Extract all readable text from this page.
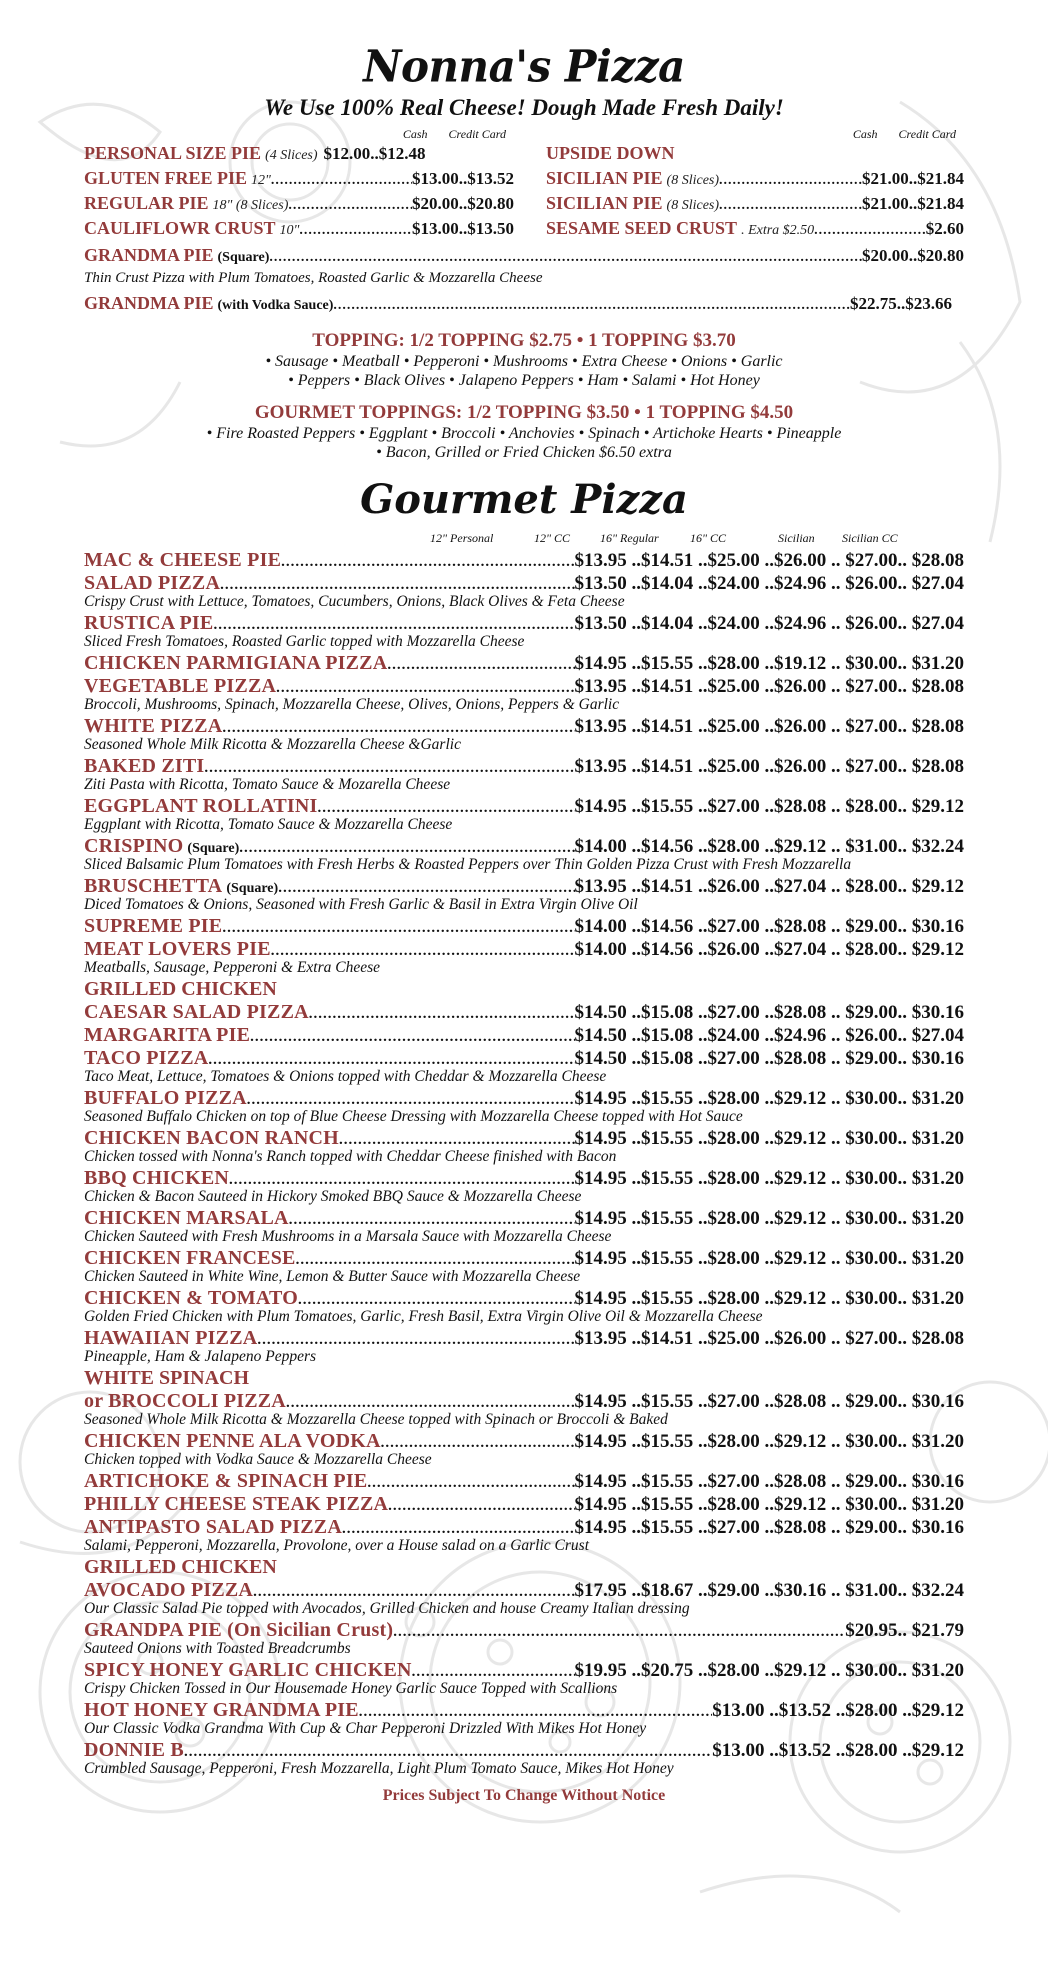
Nonna's Pizza
We Use 100% Real Cheese! Dough Made Fresh Daily!
Cash Credit Card
PERSONAL SIZE PIE (4 Slices) $12.00 .. $12.48
GLUTEN FREE PIE 12" .....	$13.00 .. $13.52
REGULAR PIE 18" (8 Slices) .....	$20.00 .. $20.80
CAULIFLOWR CRUST 10" .....	$13.00 .. $13.50
Cash Credit Card
UPSIDE DOWN
SICILIAN PIE (8 Slices) .....	$21.00 .. $21.84
SICILIAN PIE (8 Slices) .....	$21.00 .. $21.84
SESAME SEED CRUST . Extra $2.50 .....	$2.60
GRANDMA PIE (Square) .....	$20.00 .. $20.80
Thin Crust Pizza with Plum Tomatoes, Roasted Garlic & Mozzarella Cheese
GRANDMA PIE (with Vodka Sauce) .....	$22.75 .. $23.66
TOPPING: 1/2 TOPPING $2.75 • 1 TOPPING $3.70
• Sausage • Meatball • Pepperoni • Mushrooms • Extra Cheese • Onions • Garlic
• Peppers • Black Olives • Jalapeno Peppers • Ham • Salami • Hot Honey
GOURMET TOPPINGS: 1/2 TOPPING $3.50 • 1 TOPPING $4.50
• Fire Roasted Peppers • Eggplant • Broccoli • Anchovies • Spinach • Artichoke Hearts • Pineapple
• Bacon, Grilled or Fried Chicken $6.50 extra
Gourmet Pizza
12" Personal	12" CC 16" Regular	16" CC	Sicilian Sicilian CC
MAC & CHEESE PIE .....	$13.95 ..$14.51 ..$25.00 ..$26.00 .. $27.00.. $28.08
SALAD PIZZA .....	$13.50 ..$14.04 ..$24.00 ..$24.96 .. $26.00.. $27.04
Crispy Crust with Lettuce, Tomatoes, Cucumbers, Onions, Black Olives & Feta Cheese
RUSTICA PIE .....	$13.50 ..$14.04 ..$24.00 ..$24.96 .. $26.00.. $27.04
Sliced Fresh Tomatoes, Roasted Garlic topped with Mozzarella Cheese
CHICKEN PARMIGIANA PIZZA .....	$14.95 ..$15.55 ..$28.00 ..$19.12 .. $30.00.. $31.20
VEGETABLE PIZZA .....	$13.95 ..$14.51 ..$25.00 ..$26.00 .. $27.00.. $28.08
Broccoli, Mushrooms, Spinach, Mozzarella Cheese, Olives, Onions, Peppers & Garlic
WHITE PIZZA .....	$13.95 ..$14.51 ..$25.00 ..$26.00 .. $27.00.. $28.08
Seasoned Whole Milk Ricotta & Mozzarella Cheese &Garlic
BAKED ZITI .....	$13.95 ..$14.51 ..$25.00 ..$26.00 .. $27.00.. $28.08
Ziti Pasta with Ricotta, Tomato Sauce & Mozarella Cheese
EGGPLANT ROLLATINI .....	$14.95 ..$15.55 ..$27.00 ..$28.08 .. $28.00.. $29.12
Eggplant with Ricotta, Tomato Sauce & Mozzarella Cheese
CRISPINO (Square) .....	$14.00 ..$14.56 ..$28.00 ..$29.12 .. $31.00.. $32.24
Sliced Balsamic Plum Tomatoes with Fresh Herbs & Roasted Peppers over Thin Golden Pizza Crust with Fresh Mozzarella
BRUSCHETTA (Square) .....	$13.95 ..$14.51 ..$26.00 ..$27.04 .. $28.00.. $29.12
Diced Tomatoes & Onions, Seasoned with Fresh Garlic & Basil in Extra Virgin Olive Oil
SUPREME PIE .....	$14.00 ..$14.56 ..$27.00 ..$28.08 .. $29.00.. $30.16
MEAT LOVERS PIE .....	$14.00 ..$14.56 ..$26.00 ..$27.04 .. $28.00.. $29.12
Meatballs, Sausage, Pepperoni & Extra Cheese
GRILLED CHICKEN
CAESAR SALAD PIZZA .....	$14.50 ..$15.08 ..$27.00 ..$28.08 .. $29.00.. $30.16
MARGARITA PIE .....	$14.50 ..$15.08 ..$24.00 ..$24.96 .. $26.00.. $27.04
TACO PIZZA .....	$14.50 ..$15.08 ..$27.00 ..$28.08 .. $29.00.. $30.16
Taco Meat, Lettuce, Tomatoes & Onions topped with Cheddar & Mozzarella Cheese
BUFFALO PIZZA .....	$14.95 ..$15.55 ..$28.00 ..$29.12 .. $30.00.. $31.20
Seasoned Buffalo Chicken on top of Blue Cheese Dressing with Mozzarella Cheese topped with Hot Sauce
CHICKEN BACON RANCH .....	$14.95 ..$15.55 ..$28.00 ..$29.12 .. $30.00.. $31.20
Chicken tossed with Nonna's Ranch topped with Cheddar Cheese finished with Bacon
BBQ CHICKEN .....	$14.95 ..$15.55 ..$28.00 ..$29.12 .. $30.00.. $31.20
Chicken & Bacon Sauteed in Hickory Smoked BBQ Sauce & Mozzarella Cheese
CHICKEN MARSALA .....	$14.95 ..$15.55 ..$28.00 ..$29.12 .. $30.00.. $31.20
Chicken Sauteed with Fresh Mushrooms in a Marsala Sauce with Mozzarella Cheese
CHICKEN FRANCESE .....	$14.95 ..$15.55 ..$28.00 ..$29.12 .. $30.00.. $31.20
Chicken Sauteed in White Wine, Lemon & Butter Sauce with Mozzarella Cheese
CHICKEN & TOMATO .....	$14.95 ..$15.55 ..$28.00 ..$29.12 .. $30.00.. $31.20
Golden Fried Chicken with Plum Tomatoes, Garlic, Fresh Basil, Extra Virgin Olive Oil & Mozzarella Cheese
HAWAIIAN PIZZA .....	$13.95 ..$14.51 ..$25.00 ..$26.00 .. $27.00.. $28.08
Pineapple, Ham & Jalapeno Peppers
WHITE SPINACH
or BROCCOLI PIZZA .....	$14.95 ..$15.55 ..$27.00 ..$28.08 .. $29.00.. $30.16
Seasoned Whole Milk Ricotta & Mozzarella Cheese topped with Spinach or Broccoli & Baked
CHICKEN PENNE ALA VODKA .....	$14.95 ..$15.55 ..$28.00 ..$29.12 .. $30.00.. $31.20
Chicken topped with Vodka Sauce & Mozzarella Cheese
ARTICHOKE & SPINACH PIE .....	$14.95 ..$15.55 ..$27.00 ..$28.08 .. $29.00.. $30.16
PHILLY CHEESE STEAK PIZZA .....	$14.95 ..$15.55 ..$28.00 ..$29.12 .. $30.00.. $31.20
ANTIPASTO SALAD PIZZA .....	$14.95 ..$15.55 ..$27.00 ..$28.08 .. $29.00.. $30.16
Salami, Pepperoni, Mozzarella, Provolone, over a House salad on a Garlic Crust
GRILLED CHICKEN
AVOCADO PIZZA .....	$17.95 ..$18.67 ..$29.00 ..$30.16 .. $31.00.. $32.24
Our Classic Salad Pie topped with Avocados, Grilled Chicken and house Creamy Italian dressing
GRANDPA PIE (On Sicilian Crust) .....	$20.95.. $21.79
Sauteed Onions with Toasted Breadcrumbs
SPICY HONEY GARLIC CHICKEN .....	$19.95 ..$20.75 ..$28.00 ..$29.12 .. $30.00.. $31.20
Crispy Chicken Tossed in Our Housemade Honey Garlic Sauce Topped with Scallions
HOT HONEY GRANDMA PIE .....	$13.00 ..$13.52 ..$28.00 ..$29.12
Our Classic Vodka Grandma With Cup & Char Pepperoni Drizzled With Mikes Hot Honey
DONNIE B .....	$13.00 ..$13.52 ..$28.00 ..$29.12
Crumbled Sausage, Pepperoni, Fresh Mozzarella, Light Plum Tomato Sauce, Mikes Hot Honey
Prices Subject To Change Without Notice
